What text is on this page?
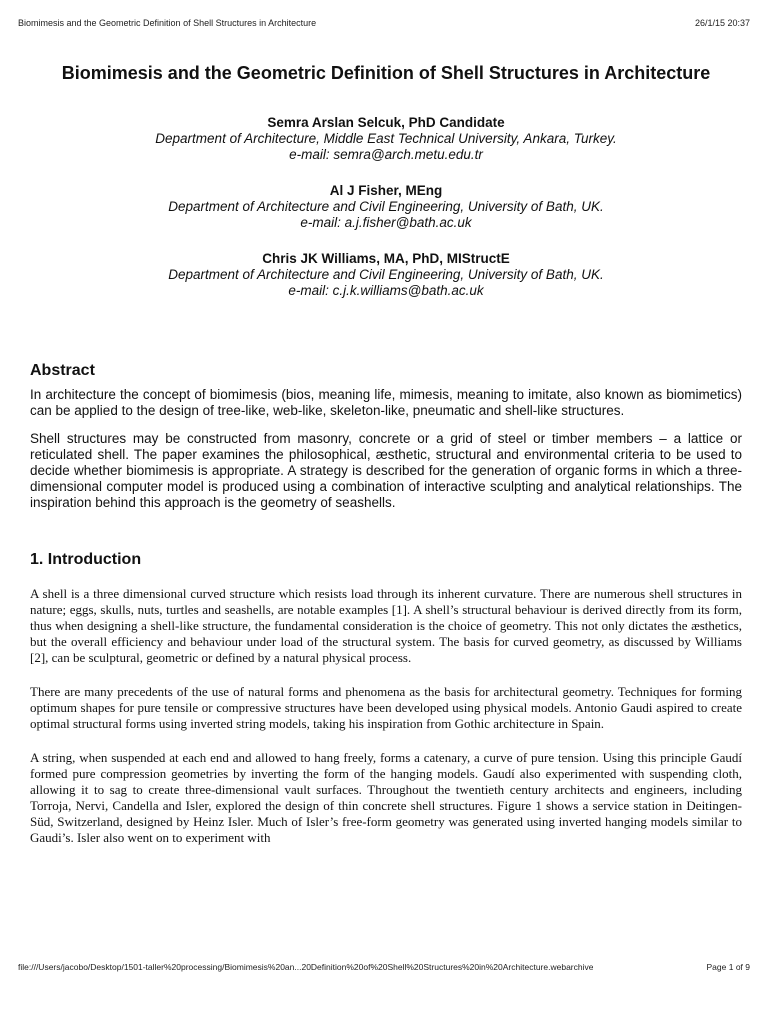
Biomimesis and the Geometric Definition of Shell Structures in Architecture	26/1/15 20:37
Biomimesis and the Geometric Definition of Shell Structures in Architecture
Semra Arslan Selcuk, PhD Candidate
Department of Architecture, Middle East Technical University, Ankara, Turkey.
e-mail: semra@arch.metu.edu.tr
Al J Fisher, MEng
Department of Architecture and Civil Engineering, University of Bath, UK.
e-mail: a.j.fisher@bath.ac.uk
Chris JK Williams, MA, PhD, MIStructE
Department of Architecture and Civil Engineering, University of Bath, UK.
e-mail: c.j.k.williams@bath.ac.uk
Abstract

In architecture the concept of biomimesis (bios, meaning life, mimesis, meaning to imitate, also known as biomimetics) can be applied to the design of tree-like, web-like, skeleton-like, pneumatic and shell-like structures.

Shell structures may be constructed from masonry, concrete or a grid of steel or timber members – a lattice or reticulated shell. The paper examines the philosophical, æsthetic, structural and environmental criteria to be used to decide whether biomimesis is appropriate. A strategy is described for the generation of organic forms in which a three-dimensional computer model is produced using a combination of interactive sculpting and analytical relationships. The inspiration behind this approach is the geometry of seashells.

1. Introduction

A shell is a three dimensional curved structure which resists load through its inherent curvature. There are numerous shell structures in nature; eggs, skulls, nuts, turtles and seashells, are notable examples [1]. A shell’s structural behaviour is derived directly from its form, thus when designing a shell-like structure, the fundamental consideration is the choice of geometry. This not only dictates the æsthetics, but the overall efficiency and behaviour under load of the structural system. The basis for curved geometry, as discussed by Williams [2], can be sculptural, geometric or defined by a natural physical process.

There are many precedents of the use of natural forms and phenomena as the basis for architectural geometry. Techniques for forming optimum shapes for pure tensile or compressive structures have been developed using physical models. Antonio Gaudi aspired to create optimal structural forms using inverted string models, taking his inspiration from Gothic architecture in Spain.

A string, when suspended at each end and allowed to hang freely, forms a catenary, a curve of pure tension. Using this principle Gaudí formed pure compression geometries by inverting the form of the hanging models. Gaudí also experimented with suspending cloth, allowing it to sag to create three-dimensional vault surfaces. Throughout the twentieth century architects and engineers, including Torroja, Nervi, Candella and Isler, explored the design of thin concrete shell structures. Figure 1 shows a service station in Deitingen-Süd, Switzerland, designed by Heinz Isler. Much of Isler’s free-form geometry was generated using inverted hanging models similar to Gaudi’s. Isler also went on to experiment with

file:///Users/jacobo/Desktop/1501-taller%20processing/Biomimesis%20an...20Definition%20of%20Shell%20Structures%20in%20Architecture.webarchive	Page 1 of 9
